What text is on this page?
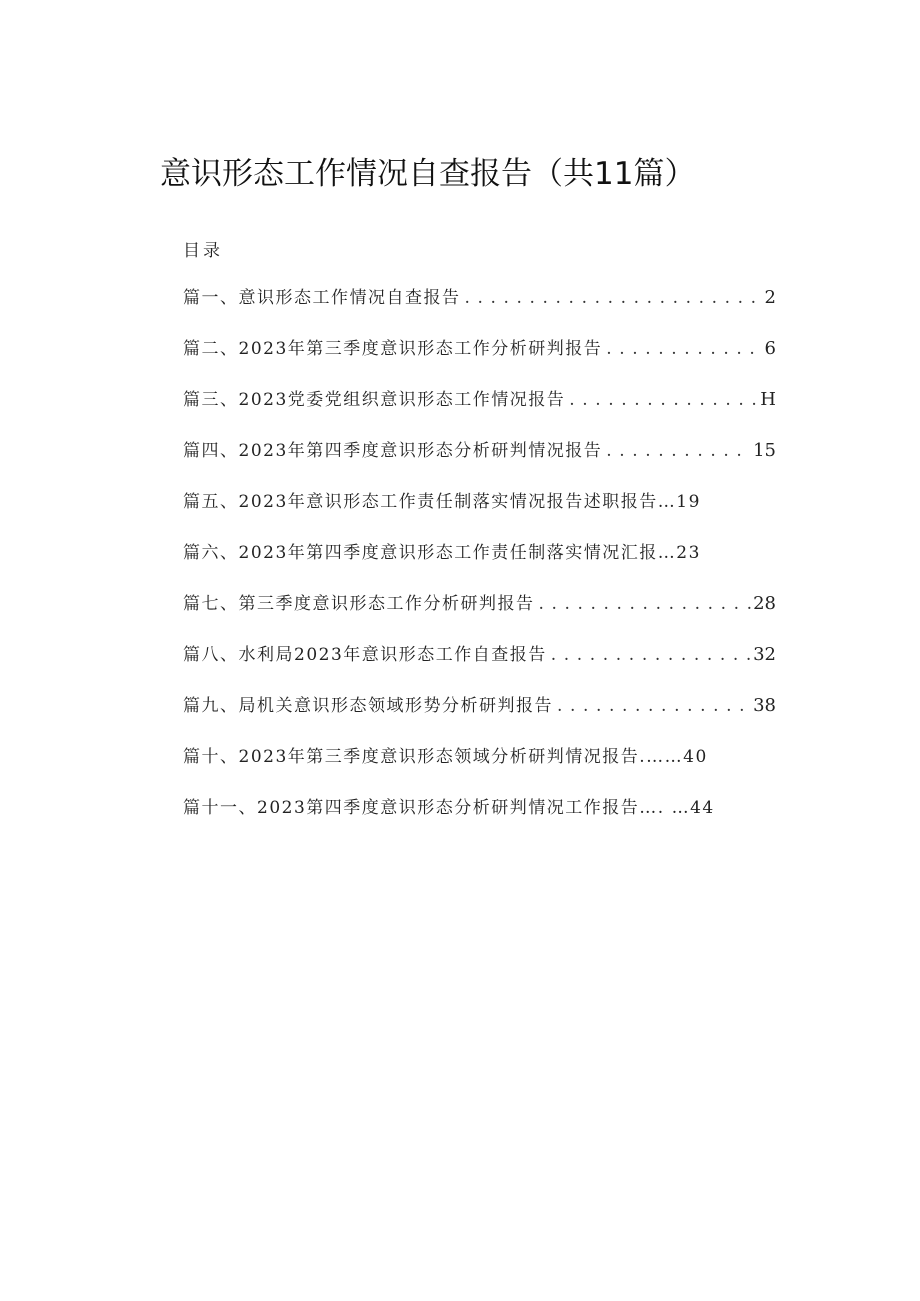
意识形态工作情况自查报告（共11篇）
目录
篇一、意识形态工作情况自查报告 . . .	2
篇二、2023年第三季度意识形态工作分析研判报告 . . .	6
篇三、2023党委党组织意识形态工作情况报告 . . .	H
篇四、2023年第四季度意识形态分析研判情况报告 . . .	15
篇五、2023年意识形态工作责任制落实情况报告述职报告…19
篇六、2023年第四季度意识形态工作责任制落实情况汇报…23
篇七、第三季度意识形态工作分析研判报告 . . .	28
篇八、水利局2023年意识形态工作自查报告 . . .	32
篇九、局机关意识形态领域形势分析研判报告 . . .	38
篇十、2023年第三季度意识形态领域分析研判情况报告.……40
篇十一、2023第四季度意识形态分析研判情况工作报告…. …44
